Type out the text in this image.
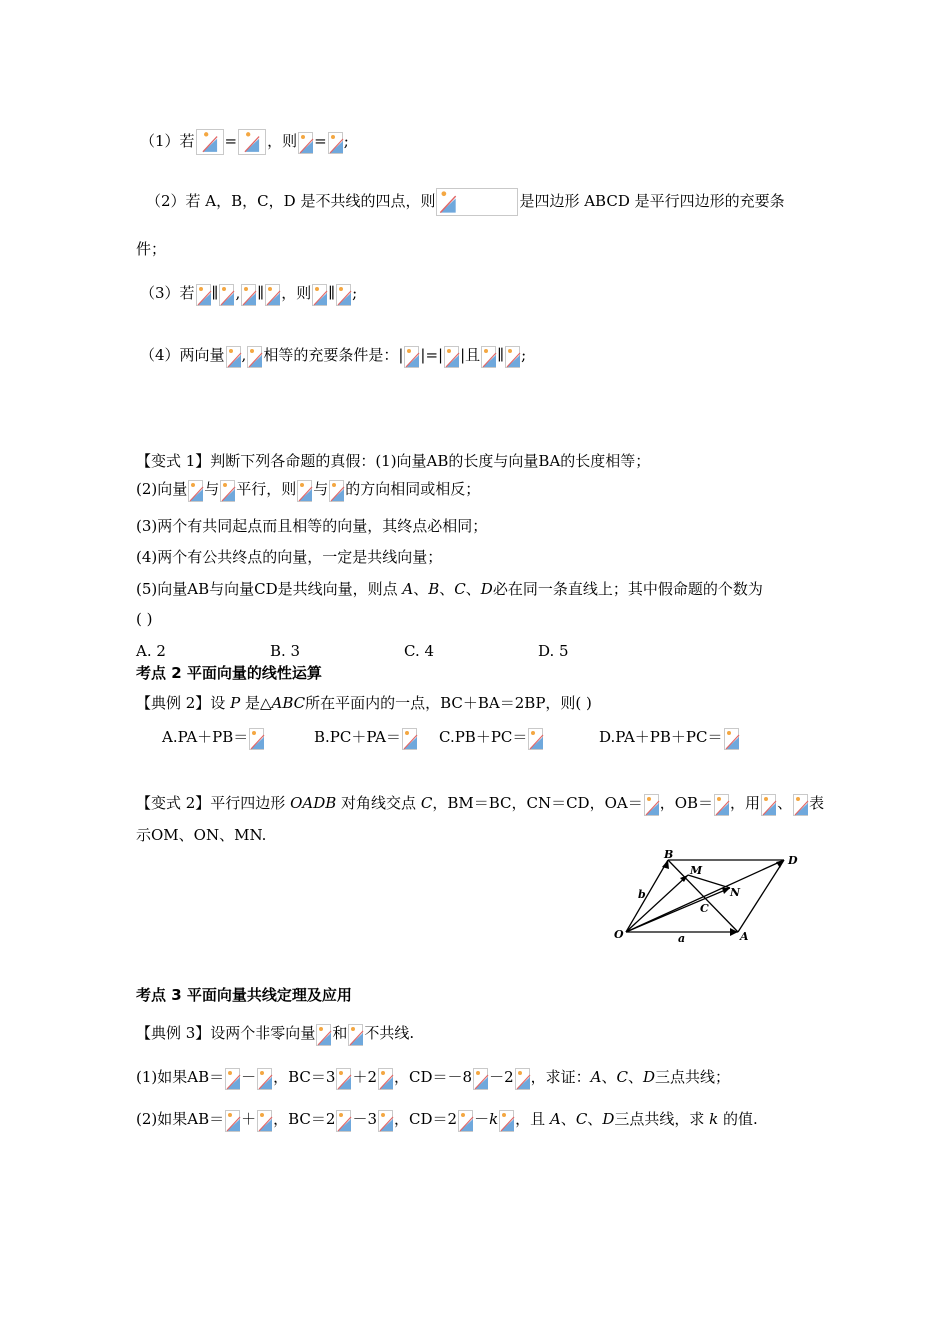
（1）若 = ，则 = ;
（2）若 A，B，C，D 是不共线的四点，则	是四边形 ABCD 是平行四边形的充要条
件；
（3）若 ∥ , ∥ ，则 ∥ ;
（4）两向量 , 相等的充要条件是：| |=| |且 ∥ ;
【变式 1】判断下列各命题的真假：(1)向量AB的长度与向量BA的长度相等；
(2)向量 与 平行，则 与 的方向相同或相反；
(3)两个有共同起点而且相等的向量，其终点必相同；
(4)两个有公共终点的向量，一定是共线向量；
(5)向量AB与向量CD是共线向量，则点 A、B、C、D必在同一条直线上；其中假命题的个数为
( )
A. 2	B. 3	C. 4	D. 5
考点 2 平面向量的线性运算
【典例 2】设 P 是△ABC所在平面内的一点，BC＋BA＝2BP，则( )
A.PA＋PB＝	B.PC＋PA＝	C.PB＋PC＝	D.PA＋PB＋PC＝
【变式 2】平行四边形 OADB 对角线交点 C，BM＝BC，CN＝CD，OA＝ ，OB＝ ，用 、 表
示OM、ON、MN.
B	D
M
N
C
O	A
a
b
考点 3 平面向量共线定理及应用
【典例 3】设两个非零向量 和 不共线.
(1)如果AB＝ － ，BC＝3 ＋2 ，CD＝－8 －2 ，求证：A、C、D三点共线；
(2)如果AB＝ ＋ ，BC＝2 －3 ，CD＝2 －k ，且 A、C、D三点共线，求 k 的值.
